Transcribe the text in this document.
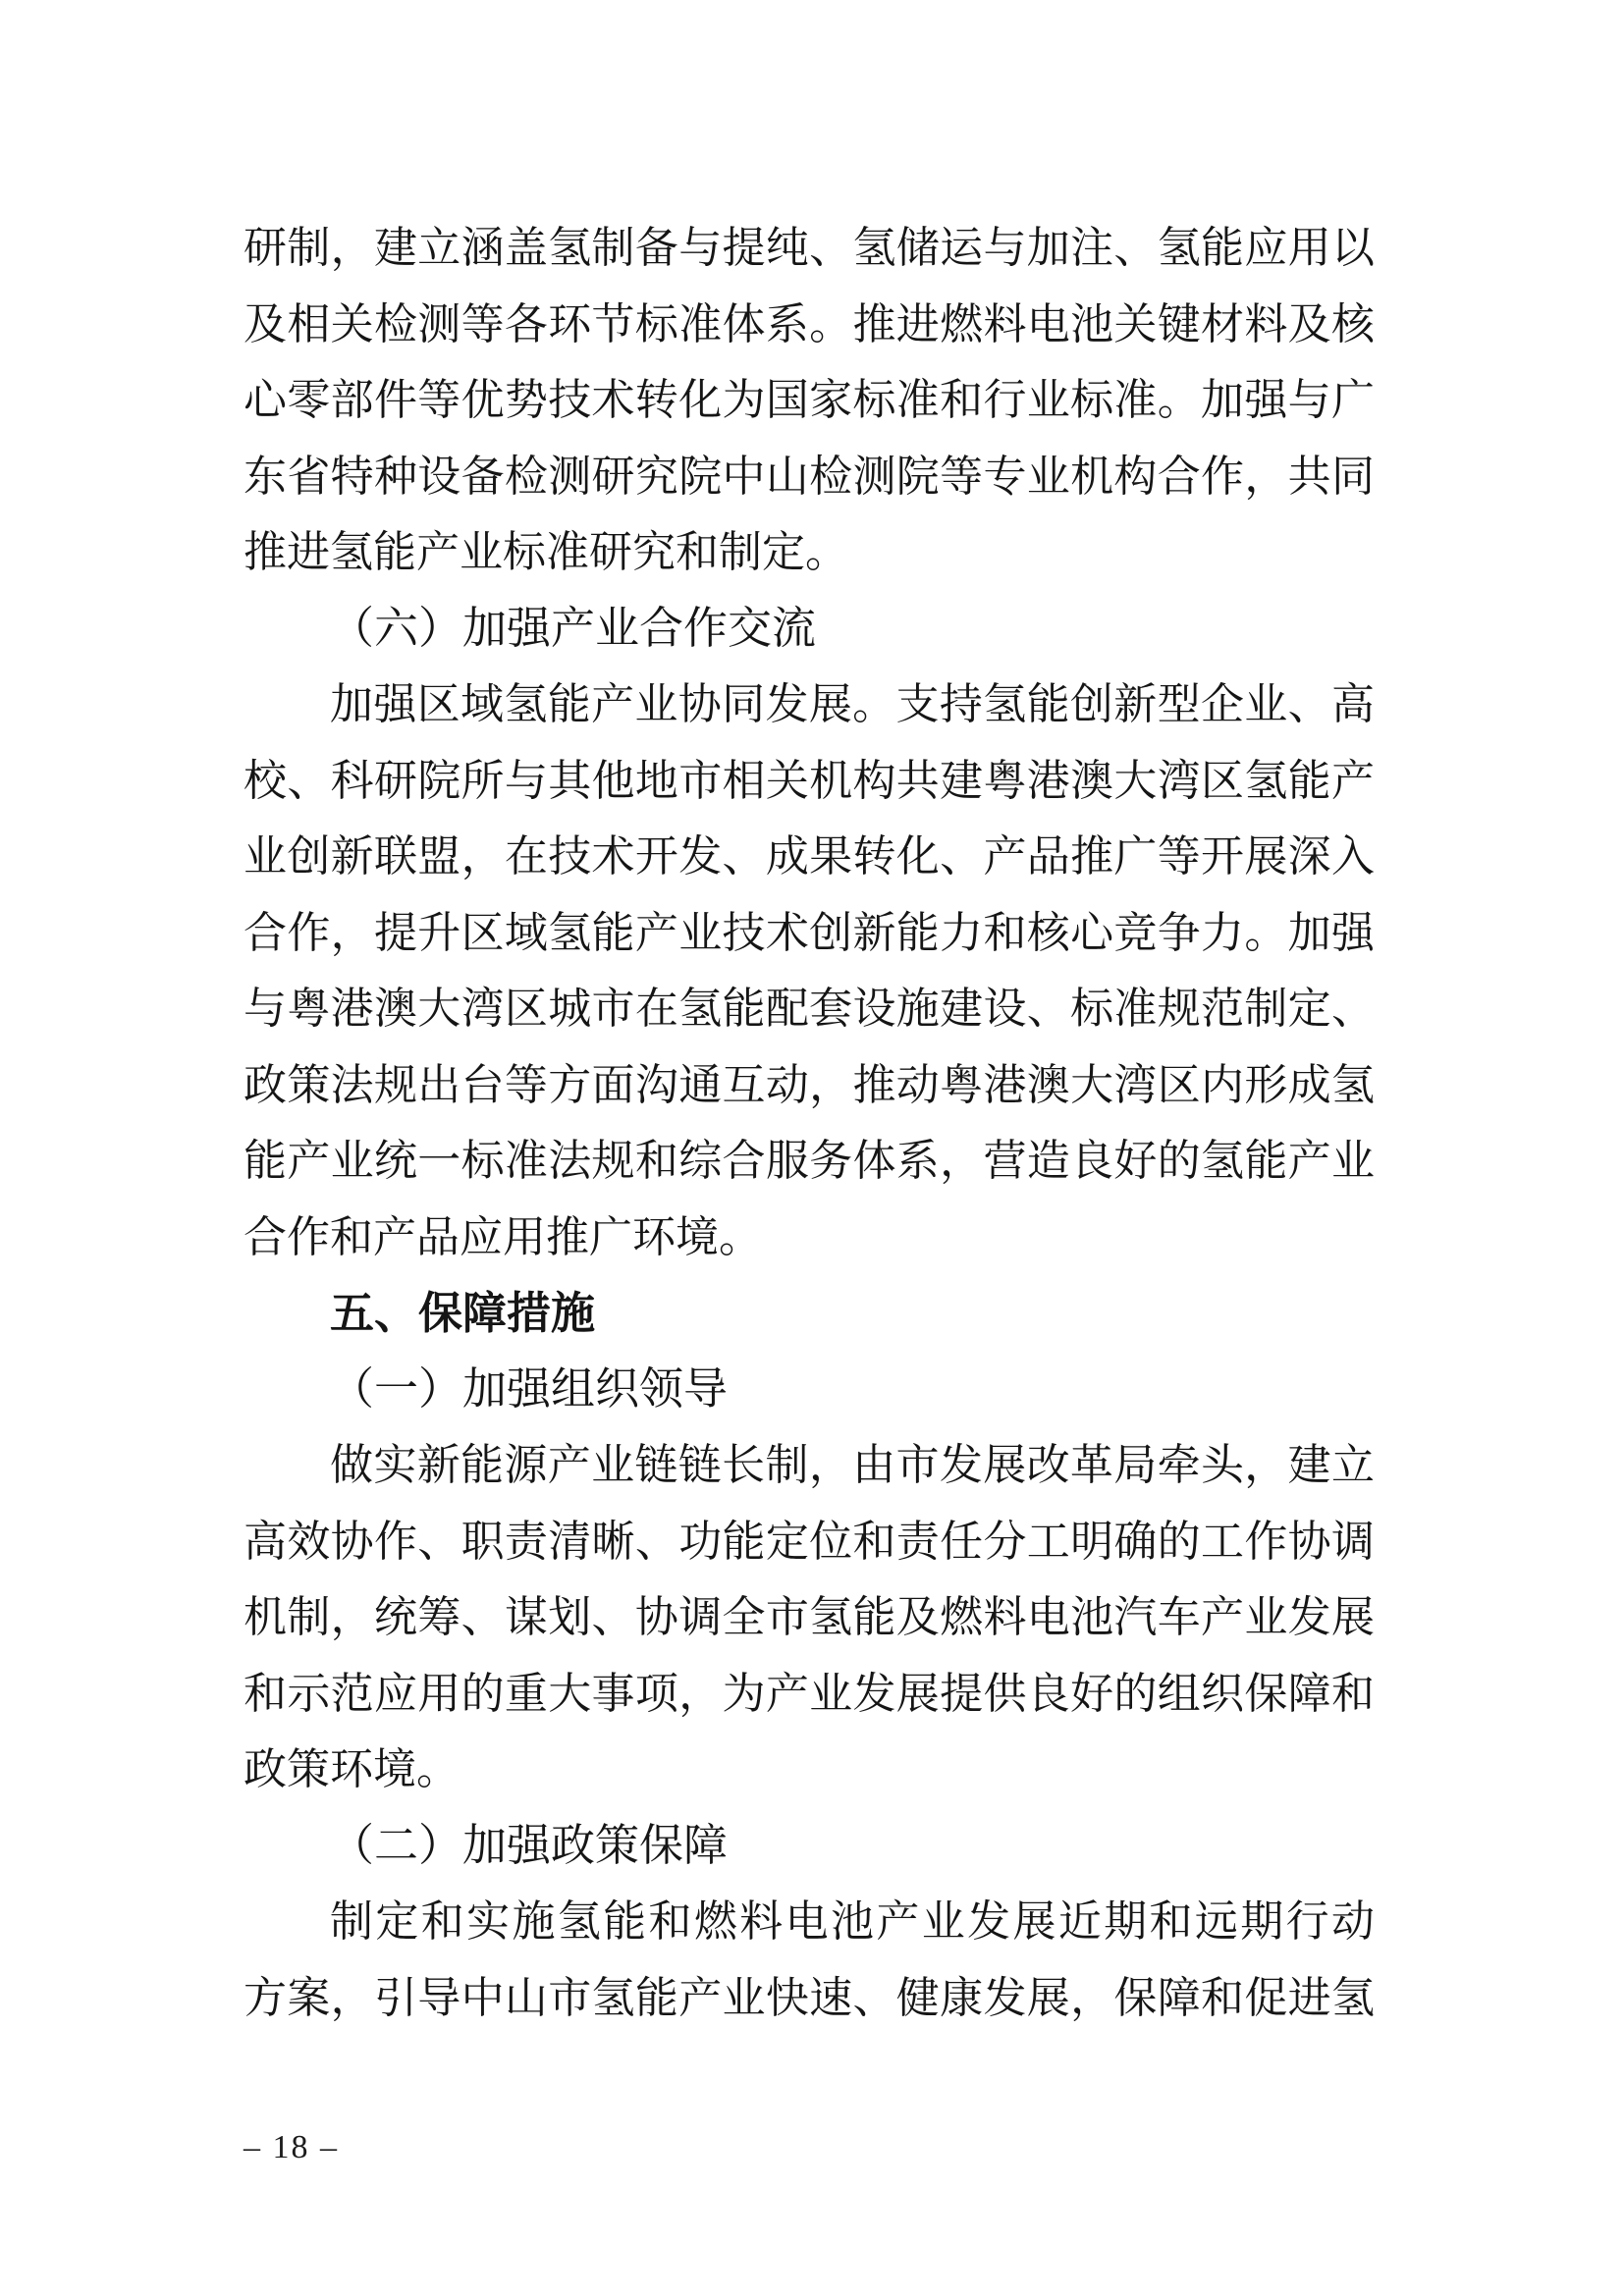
研制，建立涵盖氢制备与提纯、氢储运与加注、氢能应用以
及相关检测等各环节标准体系。推进燃料电池关键材料及核
心零部件等优势技术转化为国家标准和行业标准。加强与广
东省特种设备检测研究院中山检测院等专业机构合作，共同
推进氢能产业标准研究和制定。
（六）加强产业合作交流
加强区域氢能产业协同发展。支持氢能创新型企业、高
校、科研院所与其他地市相关机构共建粤港澳大湾区氢能产
业创新联盟，在技术开发、成果转化、产品推广等开展深入
合作，提升区域氢能产业技术创新能力和核心竞争力。加强
与粤港澳大湾区城市在氢能配套设施建设、标准规范制定、
政策法规出台等方面沟通互动，推动粤港澳大湾区内形成氢
能产业统一标准法规和综合服务体系，营造良好的氢能产业
合作和产品应用推广环境。
五、保障措施
（一）加强组织领导
做实新能源产业链链长制，由市发展改革局牵头，建立
高效协作、职责清晰、功能定位和责任分工明确的工作协调
机制，统筹、谋划、协调全市氢能及燃料电池汽车产业发展
和示范应用的重大事项，为产业发展提供良好的组织保障和
政策环境。
（二）加强政策保障
制定和实施氢能和燃料电池产业发展近期和远期行动
方案，引导中山市氢能产业快速、健康发展，保障和促进氢
– 18 –
